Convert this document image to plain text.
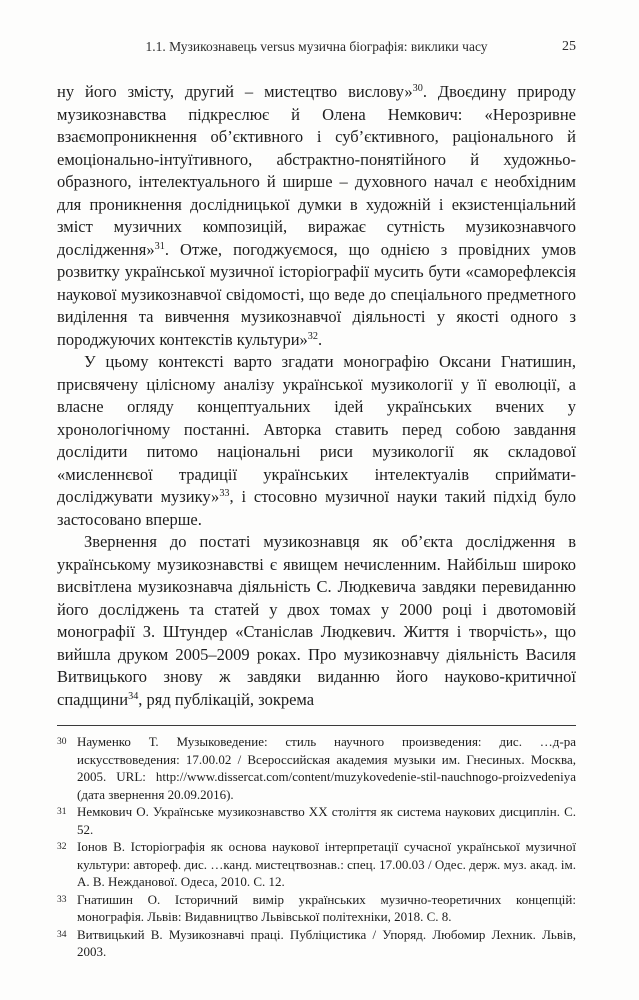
1.1. Музикознавець versus музична біографія: виклики часу	25

ну його змісту, другий – мистецтво вислову»$^{30}$. Двоєдину природу музикознавства підкреслює й Олена Немкович: «Нерозривне взаємопроникнення об’єктивного і суб’єктивного, раціонального й емоціонально-інтуїтивного, абстрактно-понятійного й художньо-образного, інтелектуального й ширше – духовного начал є необхідним для проникнення дослідницької думки в художній і екзистенціальний зміст музичних композицій, виражає сутність музикознавчого дослідження»$^{31}$. Отже, погоджуємося, що однією з провідних умов розвитку української музичної історіографії мусить бути «саморефлексія наукової музикознавчої свідомості, що веде до спеціального предметного виділення та вивчення музикознавчої діяльності у якості одного з породжуючих контекстів культури»$^{32}$.

У цьому контексті варто згадати монографію Оксани Гнатишин, присвячену цілісному аналізу української музикології у її еволюції, а власне огляду концептуальних ідей українських вчених у хронологічному постанні. Авторка ставить перед собою завдання дослідити питомо національні риси музикології як складової «мисленнєвої традиції українських інтелектуалів сприймати-досліджувати музику»$^{33}$, і стосовно музичної науки такий підхід було застосовано вперше.

Звернення до постаті музикознавця як об’єкта дослідження в українському музикознавстві є явищем нечисленним. Найбільш широко висвітлена музикознавча діяльність С. Людкевича завдяки перевиданню його досліджень та статей у двох томах у 2000 році і двотомовій монографії З. Штундер «Станіслав Людкевич. Життя і творчість», що вийшла друком 2005–2009 роках. Про музикознавчу діяльність Василя Витвицького знову ж завдяки виданню його науково-критичної спадщини$^{34}$, ряд публікацій, зокрема

30 Науменко Т. Музыковедение: стиль научного произведения: дис. …д-ра искусствоведения: 17.00.02 / Всероссийская академия музыки им. Гнесиных. Москва, 2005. URL: http://www.dissercat.com/content/muzykovedenie-stil-nauchnogo-proizvedeniya (дата звернення 20.09.2016).
31 Немкович О. Українське музикознавство ХХ століття як система наукових дисциплін. С. 52.
32 Іонов В. Історіографія як основа наукової інтерпретації сучасної української музичної культури: автореф. дис. …канд. мистецтвознав.: спец. 17.00.03 / Одес. держ. муз. акад. ім. А. В. Нежданової. Одеса, 2010. С. 12.
33 Гнатишин О. Історичний вимір українських музично-теоретичних концепцій: монографія. Львів: Видавництво Львівської політехніки, 2018. С. 8.
34 Витвицький В. Музикознавчі праці. Публіцистика / Упоряд. Любомир Лехник. Львів, 2003.
